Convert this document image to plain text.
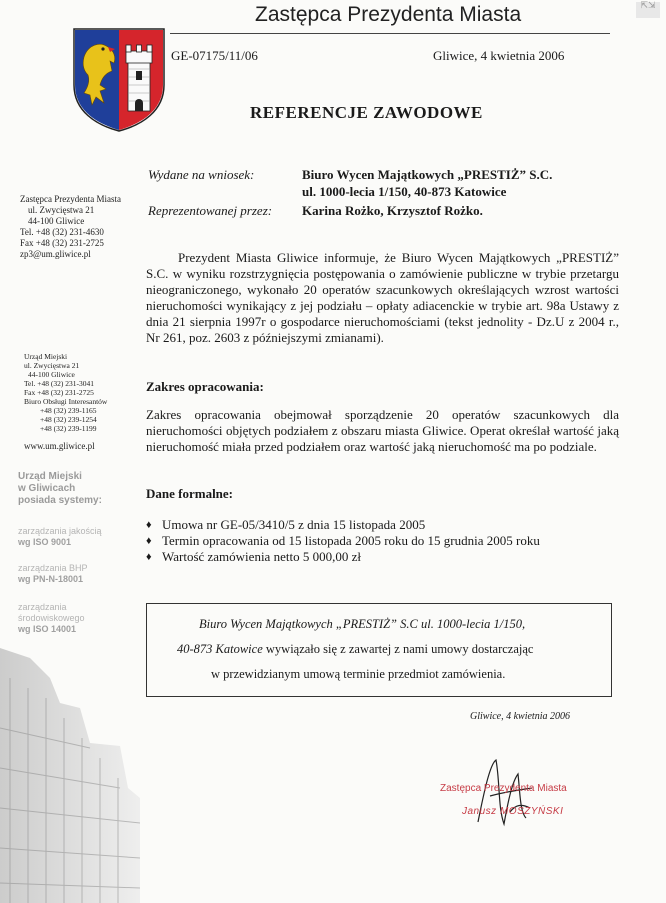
Zastępca Prezydenta Miasta	⇱⇲
GE-07175/11/06	Gliwice, 4 kwietnia 2006
REFERENCJE ZAWODOWE
Wydane na wniosek:	Biuro Wycen Majątkowych „PRESTIŻ” S.C.
ul. 1000-lecia 1/150, 40-873 Katowice
Reprezentowanej przez: Karina Rożko, Krzysztof Rożko.
Prezydent Miasta Gliwice informuje, że Biuro Wycen Majątkowych „PRESTIŻ” S.C. w wyniku rozstrzygnięcia postępowania o zamówienie publiczne w trybie przetargu nieograniczonego, wykonało 20 operatów szacunkowych określających wzrost wartości nieruchomości wynikający z jej podziału – opłaty adiacenckie w trybie art. 98a Ustawy z dnia 21 sierpnia 1997r o gospodarce nieruchomościami (tekst jednolity - Dz.U z 2004 r., Nr 261, poz. 2603 z późniejszymi zmianami).
Zakres opracowania:
Zakres opracowania obejmował sporządzenie 20 operatów szacunkowych dla nieruchomości objętych podziałem z obszaru miasta Gliwice. Operat określał wartość jaką nieruchomość miała przed podziałem oraz wartość jaką nieruchomość ma po podziale.
Dane formalne:
♦ Umowa nr GE-05/3410/5 z dnia 15 listopada 2005
♦ Termin opracowania od 15 listopada 2005 roku do 15 grudnia 2005 roku
♦ Wartość zamówienia netto 5 000,00 zł
Biuro Wycen Majątkowych „PRESTIŻ” S.C ul. 1000-lecia 1/150,
40-873 Katowice wywiązało się z zawartej z nami umowy dostarczając
w przewidzianym umową terminie przedmiot zamówienia.
Gliwice, 4 kwietnia 2006
Zastępca Prezydenta Miasta
Janusz MOSZYŃSKI
Zastępca Prezydenta Miasta
ul. Zwycięstwa 21
44-100 Gliwice
Tel. +48 (32) 231-4630
Fax +48 (32) 231-2725
zp3@um.gliwice.pl
Urząd Miejski
ul. Zwycięstwa 21
44-100 Gliwice
Tel. +48 (32) 231-3041
Fax +48 (32) 231-2725
Biuro Obsługi Interesantów
+48 (32) 239-1165
+48 (32) 239-1254
+48 (32) 239-1199
www.um.gliwice.pl
Urząd Miejski
w Gliwicach
posiada systemy:
zarządzania jakością
wg ISO 9001
zarządzania BHP
wg PN-N-18001
zarządzania
środowiskowego
wg ISO 14001
